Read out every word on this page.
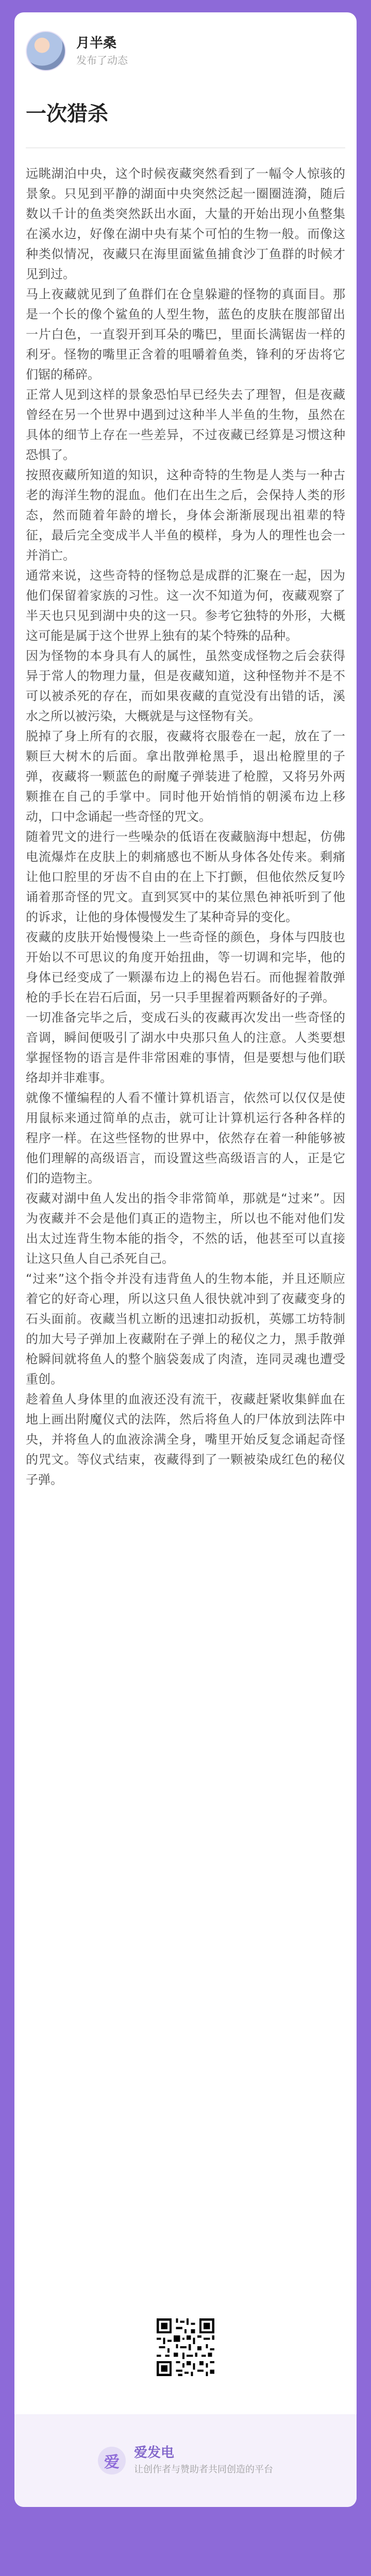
月半桑
发布了动态
一次猎杀

远眺湖泊中央，这个时候夜藏突然看到了一幅令人惊骇的景象。只见到平静的湖面中央突然泛起一圈圈涟漪，随后数以千计的鱼类突然跃出水面，大量的开始出现小鱼整集在溪水边，好像在湖中央有某个可怕的生物一般。而像这种类似情况，夜藏只在海里面鲨鱼捕食沙丁鱼群的时候才见到过。

马上夜藏就见到了鱼群们在仓皇躲避的怪物的真面目。那是一个长的像个鲨鱼的人型生物，蓝色的皮肤在腹部留出一片白色，一直裂开到耳朵的嘴巴，里面长满锯齿一样的利牙。怪物的嘴里正含着的咀嚼着鱼类，锋利的牙齿将它们锯的稀碎。

正常人见到这样的景象恐怕早已经失去了理智，但是夜藏曾经在另一个世界中遇到过这种半人半鱼的生物，虽然在具体的细节上存在一些差异，不过夜藏已经算是习惯这种恐惧了。

按照夜藏所知道的知识，这种奇特的生物是人类与一种古老的海洋生物的混血。他们在出生之后，会保持人类的形态，然而随着年龄的增长，身体会渐渐展现出祖辈的特征，最后完全变成半人半鱼的模样，身为人的理性也会一并消亡。

通常来说，这些奇特的怪物总是成群的汇聚在一起，因为他们保留着家族的习性。这一次不知道为何，夜藏观察了半天也只见到湖中央的这一只。参考它独特的外形，大概这可能是属于这个世界上独有的某个特殊的品种。

因为怪物的本身具有人的属性，虽然变成怪物之后会获得异于常人的物理力量，但是夜藏知道，这种怪物并不是不可以被杀死的存在，而如果夜藏的直觉没有出错的话，溪水之所以被污染，大概就是与这怪物有关。

脱掉了身上所有的衣服，夜藏将衣服卷在一起，放在了一颗巨大树木的后面。拿出散弹枪黑手，退出枪膛里的子弹，夜藏将一颗蓝色的耐魔子弹装进了枪膛，又将另外两颗推在自己的手掌中。同时他开始悄悄的朝溪布边上移动，口中念诵起一些奇怪的咒文。

随着咒文的进行一些噪杂的低语在夜藏脑海中想起，仿佛电流爆炸在皮肤上的刺痛感也不断从身体各处传来。剩痛让他口腔里的牙齿不自由的在上下打颤，但他依然反复吟诵着那奇怪的咒文。直到冥冥中的某位黑色神祇听到了他的诉求，让他的身体慢慢发生了某种奇异的变化。

夜藏的皮肤开始慢慢染上一些奇怪的颜色，身体与四肢也开始以不可思议的角度开始扭曲，等一切调和完毕，他的身体已经变成了一颗瀑布边上的褐色岩石。而他握着散弹枪的手长在岩石后面，另一只手里握着两颗备好的子弹。

一切准备完毕之后，变成石头的夜藏再次发出一些奇怪的音调，瞬间便吸引了湖水中央那只鱼人的注意。人类要想掌握怪物的语言是件非常困难的事情，但是要想与他们联络却并非难事。

就像不懂编程的人看不懂计算机语言，依然可以仅仅是使用鼠标来通过简单的点击，就可让计算机运行各种各样的程序一样。在这些怪物的世界中，依然存在着一种能够被他们理解的高级语言，而设置这些高级语言的人，正是它们的造物主。

夜藏对湖中鱼人发出的指令非常简单，那就是“过来”。因为夜藏并不会是他们真正的造物主，所以也不能对他们发出太过连背生物本能的指令，不然的话，他甚至可以直接让这只鱼人自己杀死自己。

“过来”这个指令并没有违背鱼人的生物本能，并且还顺应着它的好奇心理，所以这只鱼人很快就冲到了夜藏变身的石头面前。夜藏当机立断的迅速扣动扳机，英娜工坊特制的加大号子弹加上夜藏附在子弹上的秘仪之力，黑手散弹枪瞬间就将鱼人的整个脑袋轰成了肉渣，连同灵魂也遭受重创。

趁着鱼人身体里的血液还没有流干，夜藏赶紧收集鲜血在地上画出附魔仪式的法阵，然后将鱼人的尸体放到法阵中央，并将鱼人的血液涂满全身，嘴里开始反复念诵起奇怪的咒文。等仪式结束，夜藏得到了一颗被染成红色的秘仪子弹。

爱
爱发电
让创作者与赞助者共同创造的平台
